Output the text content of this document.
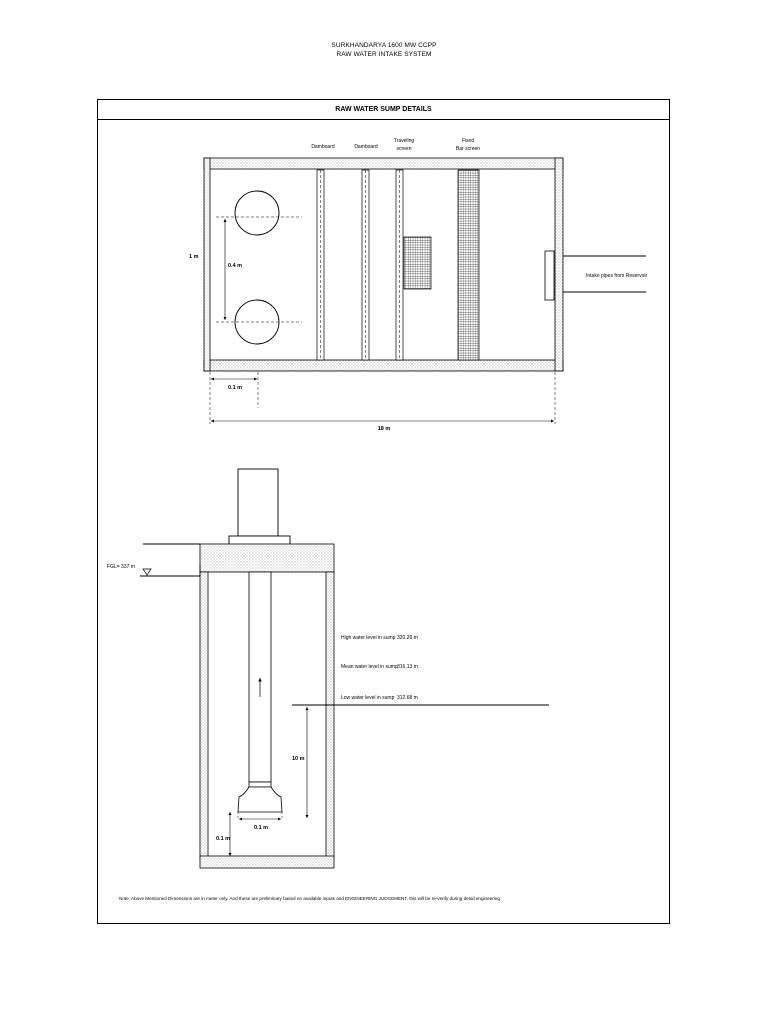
SURKHANDARYA 1600 MW CCPP
RAW WATER INTAKE SYSTEM
RAW WATER SUMP DETAILS
0.4 m
Damboard	Damboard
Traveling
screen
Fixed
Bar screen
Intake pipes from Reservoir
1 m
0.1 m
18 m
FGL= 337 m
0.1 m
0.1 m
10 m
High water level in sump 320.26 m
Mean water level in sump 316.13 m
Low water level in sump 312.68 m
Note: Above Mentioned Dimensions are in meter only. And these are preliminary based on available inputs and ENGINEERING JUDGEMENT, this will be re-verify during detail engineering.
